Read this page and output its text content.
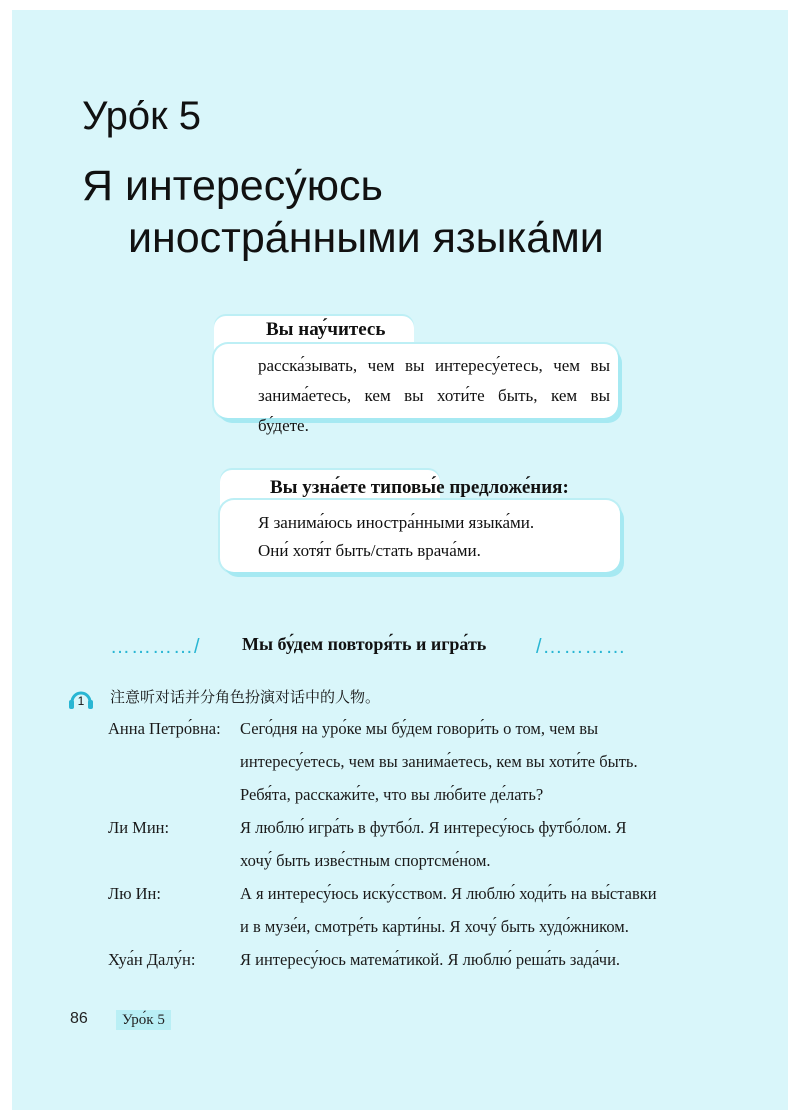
Уро́к 5
Я интересу́юсь
иностра́нными языка́ми
Вы нау́читесь
расска́зывать, чем вы интересу́етесь, чем вы занима́етесь, кем вы хоти́те быть, кем вы бу́дете.
Вы узна́ете типовы́е предложе́ния:
Я занима́юсь иностра́нными языка́ми.
Они́ хотя́т быть/стать врача́ми.
…………/ Мы бу́дем повторя́ть и игра́ть /…………
1 注意听对话并分角色扮演对话中的人物。
Анна Петро́вна:	Сего́дня на уро́ке мы бу́дем говори́ть о том, чем вы
интересу́етесь, чем вы занима́етесь, кем вы хоти́те быть.
Ребя́та, расскажи́те, что вы лю́бите де́лать?
Ли Мин:	Я люблю́ игра́ть в футбо́л. Я интересу́юсь футбо́лом. Я
хочу́ быть изве́стным спортсме́ном.
Лю Ин:	А я интересу́юсь иску́сством. Я люблю́ ходи́ть на вы́ставки
и в музе́и, смотре́ть карти́ны. Я хочу́ быть худо́жником.
Хуа́н Далу́н:	Я интересу́юсь матема́тикой. Я люблю́ реша́ть зада́чи.
86	Уро́к 5
